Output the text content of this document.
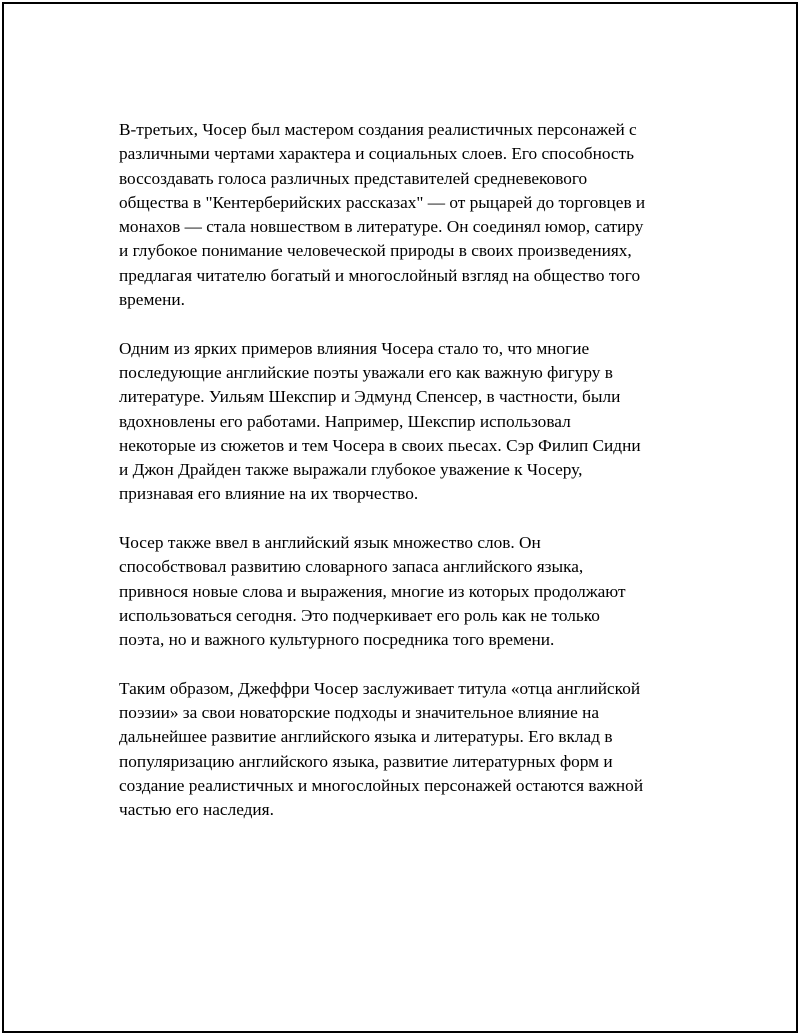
В-третьих, Чосер был мастером создания реалистичных персонажей с
различными чертами характера и социальных слоев. Его способность
воссоздавать голоса различных представителей средневекового
общества в "Кентерберийских рассказах" — от рыцарей до торговцев и
монахов — стала новшеством в литературе. Он соединял юмор, сатиру
и глубокое понимание человеческой природы в своих произведениях,
предлагая читателю богатый и многослойный взгляд на общество того
времени.

Одним из ярких примеров влияния Чосера стало то, что многие
последующие английские поэты уважали его как важную фигуру в
литературе. Уильям Шекспир и Эдмунд Спенсер, в частности, были
вдохновлены его работами. Например, Шекспир использовал
некоторые из сюжетов и тем Чосера в своих пьесах. Сэр Филип Сидни
и Джон Драйден также выражали глубокое уважение к Чосеру,
признавая его влияние на их творчество.

Чосер также ввел в английский язык множество слов. Он
способствовал развитию словарного запаса английского языка,
привнося новые слова и выражения, многие из которых продолжают
использоваться сегодня. Это подчеркивает его роль как не только
поэта, но и важного культурного посредника того времени.

Таким образом, Джеффри Чосер заслуживает титула «отца английской
поэзии» за свои новаторские подходы и значительное влияние на
дальнейшее развитие английского языка и литературы. Его вклад в
популяризацию английского языка, развитие литературных форм и
создание реалистичных и многослойных персонажей остаются важной
частью его наследия.
